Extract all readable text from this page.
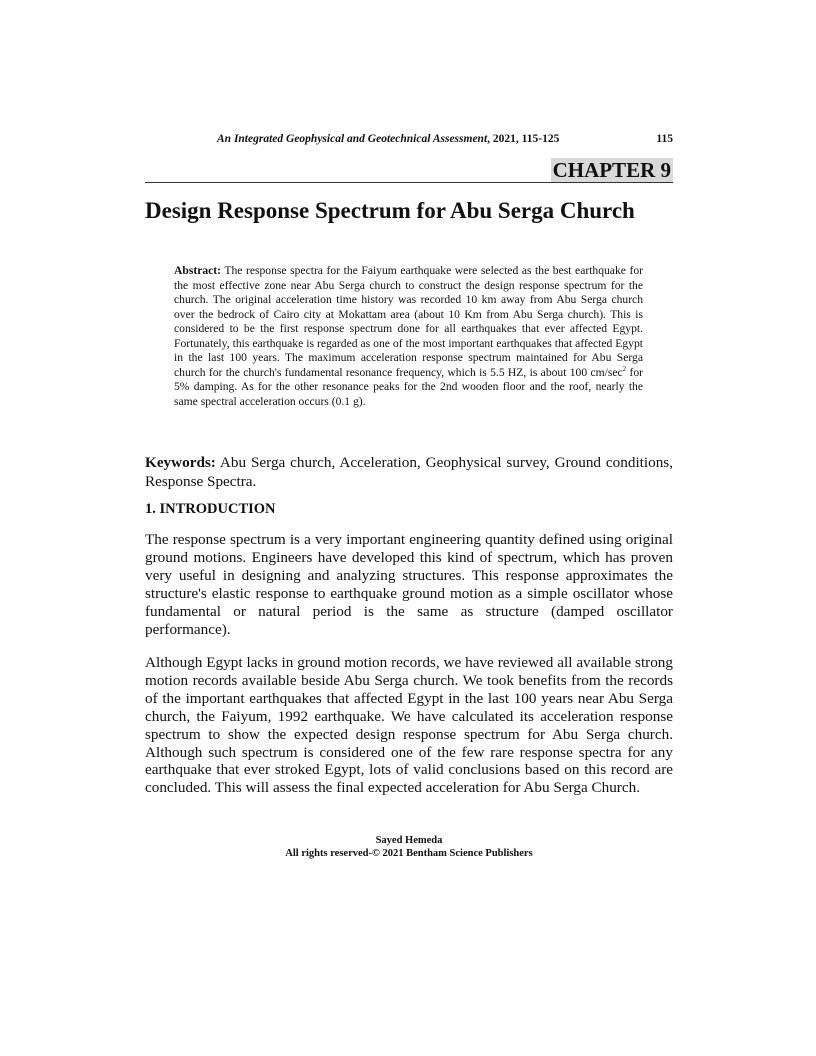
An Integrated Geophysical and Geotechnical Assessment, 2021, 115-125	115
CHAPTER 9
Design Response Spectrum for Abu Serga Church

Abstract: The response spectra for the Faiyum earthquake were selected as the best earthquake for the most effective zone near Abu Serga church to construct the design response spectrum for the church. The original acceleration time history was recorded 10 km away from Abu Serga church over the bedrock of Cairo city at Mokattam area (about 10 Km from Abu Serga church). This is considered to be the first response spectrum done for all earthquakes that ever affected Egypt. Fortunately, this earthquake is regarded as one of the most important earthquakes that affected Egypt in the last 100 years. The maximum acceleration response spectrum maintained for Abu Serga church for the church's fundamental resonance frequency, which is 5.5 HZ, is about 100 $cm/\sec^2$ for 5% damping. As for the other resonance peaks for the 2nd wooden floor and the roof, nearly the same spectral acceleration occurs (0.1 g).

Keywords: Abu Serga church, Acceleration, Geophysical survey, Ground conditions, Response Spectra.

1. INTRODUCTION

The response spectrum is a very important engineering quantity defined using original ground motions. Engineers have developed this kind of spectrum, which has proven very useful in designing and analyzing structures. This response approximates the structure's elastic response to earthquake ground motion as a simple oscillator whose fundamental or natural period is the same as structure (damped oscillator performance).

Although Egypt lacks in ground motion records, we have reviewed all available strong motion records available beside Abu Serga church. We took benefits from the records of the important earthquakes that affected Egypt in the last 100 years near Abu Serga church, the Faiyum, 1992 earthquake. We have calculated its acceleration response spectrum to show the expected design response spectrum for Abu Serga church. Although such spectrum is considered one of the few rare response spectra for any earthquake that ever stroked Egypt, lots of valid conclusions based on this record are concluded. This will assess the final expected acceleration for Abu Serga Church.

Sayed Hemeda
All rights reserved-© 2021 Bentham Science Publishers
